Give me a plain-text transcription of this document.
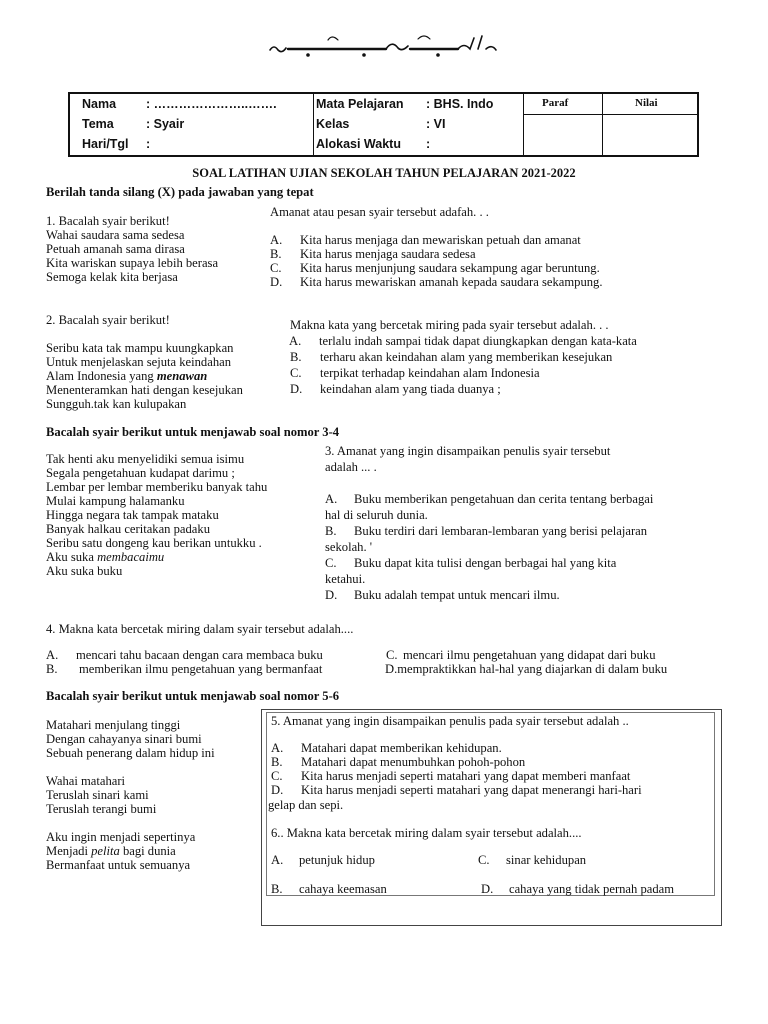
Nama : …………………..…….
Tema	: Syair
Hari/Tgl :
Mata Pelajaran : BHS. Indo
Kelas	: VI
Alokasi Waktu :
Paraf	Nilai
SOAL LATIHAN UJIAN SEKOLAH TAHUN PELAJARAN 2021-2022
Berilah tanda silang (X) pada jawaban yang tepat
1. Bacalah syair berikut!
Wahai saudara sama sedesa
Petuah amanah sama dirasa
Kita wariskan supaya lebih berasa
Semoga kelak kita berjasa
Amanat atau pesan syair tersebut adafah. . .
A. Kita harus menjaga dan mewariskan petuah dan amanat
B. Kita harus menjaga saudara sedesa
C. Kita harus menjunjung saudara sekampung agar beruntung.
D. Kita harus mewariskan amanah kepada saudara sekampung.
2. Bacalah syair berikut!
Seribu kata tak mampu kuungkapkan
Untuk menjelaskan sejuta keindahan
Alam Indonesia yang menawan
Menenteramkan hati dengan kesejukan
Sungguh.tak kan kulupakan
Makna kata yang bercetak miring pada syair tersebut adalah. . .
A. terlalu indah sampai tidak dapat diungkapkan dengan kata-kata
B. terharu akan keindahan alam yang memberikan kesejukan
C. terpikat terhadap keindahan alam Indonesia
D. keindahan alam yang tiada duanya ;
Bacalah syair berikut untuk menjawab soal nomor 3-4
Tak henti aku menyelidiki semua isimu
Segala pengetahuan kudapat darimu ;
Lembar per lembar memberiku banyak tahu
Mulai kampung halamanku
Hingga negara tak tampak mataku
Banyak halkau ceritakan padaku
Seribu satu dongeng kau berikan untukku .
Aku suka membacaimu
Aku suka buku
3. Amanat yang ingin disampaikan penulis syair tersebut
adalah ... .
A. Buku memberikan pengetahuan dan cerita tentang berbagai
hal di seluruh dunia.
B. Buku terdiri dari lembaran-lembaran yang berisi pelajaran
sekolah. '
C. Buku dapat kita tulisi dengan berbagai hal yang kita
ketahui.
D. Buku adalah tempat untuk mencari ilmu.
4. Makna kata bercetak miring dalam syair tersebut adalah....
A. mencari tahu bacaan dengan cara membaca buku	C. mencari ilmu pengetahuan yang didapat dari buku
B. memberikan ilmu pengetahuan yang bermanfaat	D.mempraktikkan hal-hal yang diajarkan di dalam buku
Bacalah syair berikut untuk menjawab soal nomor 5-6
Matahari menjulang tinggi
Dengan cahayanya sinari bumi
Sebuah penerang dalam hidup ini
Wahai matahari
Teruslah sinari kami
Teruslah terangi bumi
Aku ingin menjadi sepertinya
Menjadi pelita bagi dunia
Bermanfaat untuk semuanya
5. Amanat yang ingin disampaikan penulis pada syair tersebut adalah ..
A. Matahari dapat memberikan kehidupan.
B. Matahari dapat menumbuhkan pohoh-pohon
C. Kita harus menjadi seperti matahari yang dapat memberi manfaat
D. Kita harus menjadi seperti matahari yang dapat menerangi hari-hari
gelap dan sepi.
6.. Makna kata bercetak miring dalam syair tersebut adalah....
A. petunjuk hidup	C. sinar kehidupan
B. cahaya keemasan	D. cahaya yang tidak pernah padam
